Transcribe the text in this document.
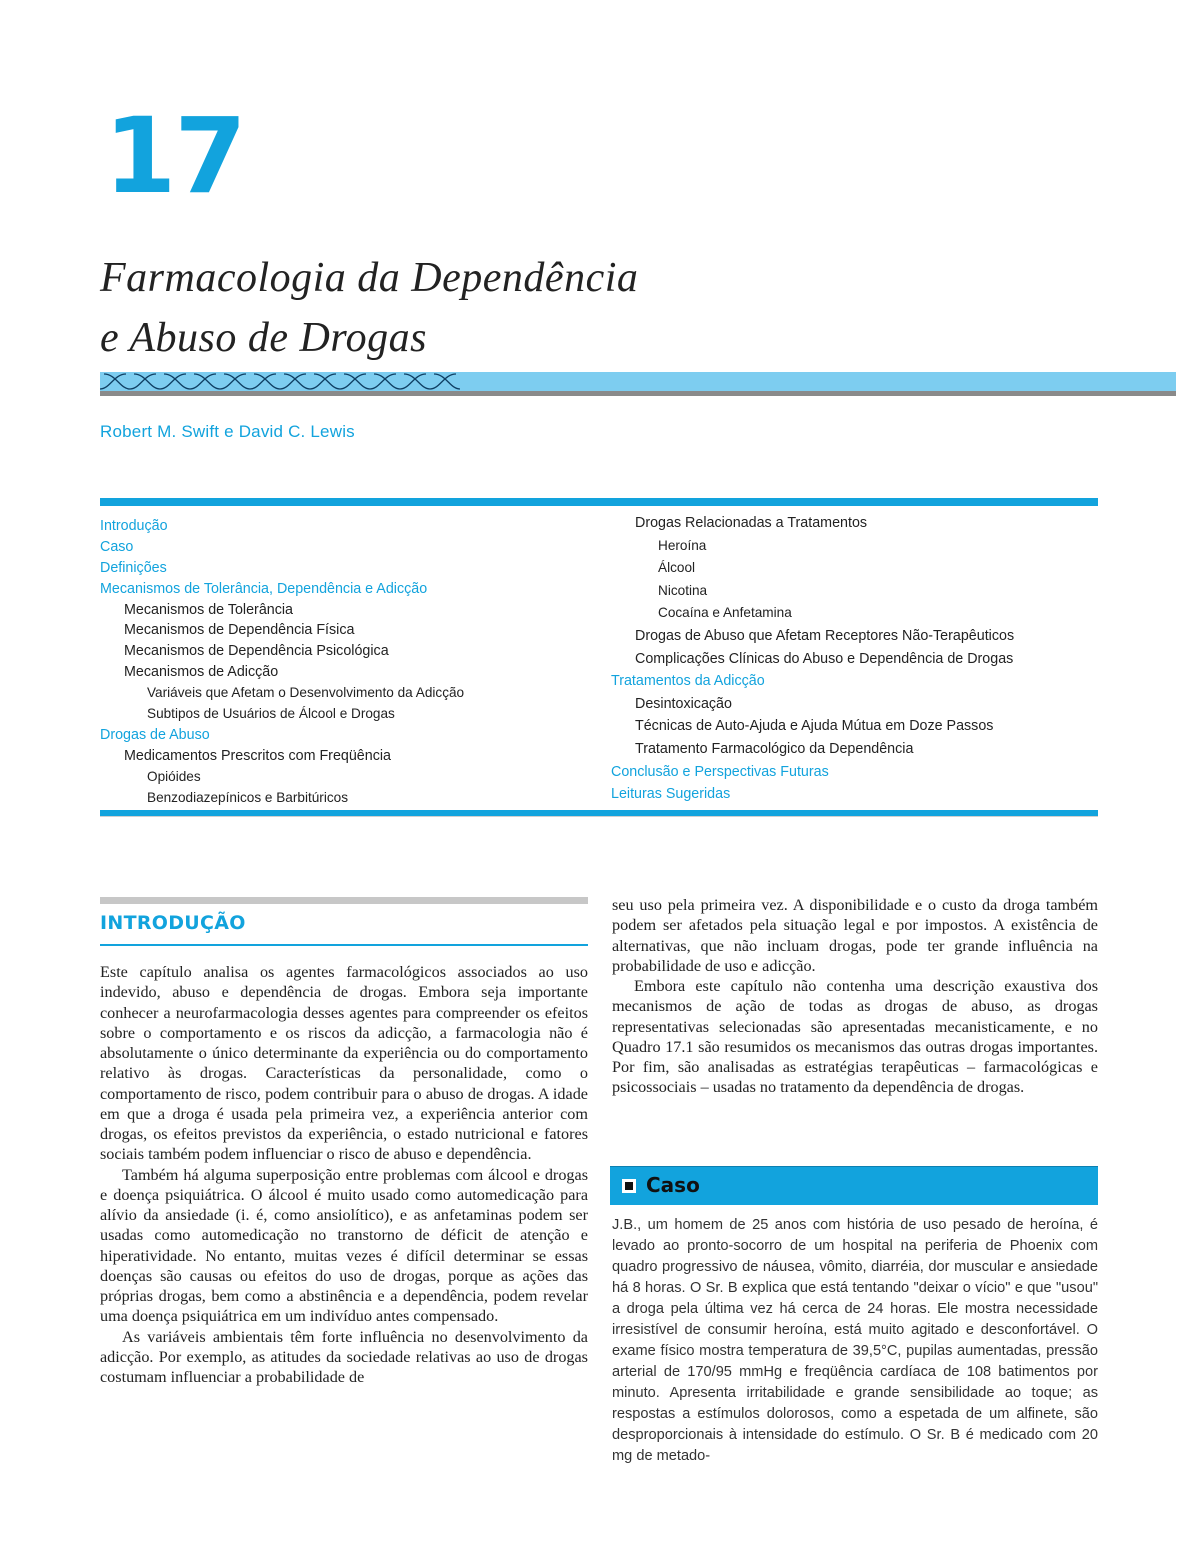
17
Farmacologia da Dependência
e Abuso de Drogas
Robert M. Swift e David C. Lewis
Introdução
Caso
Definições
Mecanismos de Tolerância, Dependência e Adicção
Mecanismos de Tolerância
Mecanismos de Dependência Física
Mecanismos de Dependência Psicológica
Mecanismos de Adicção
Variáveis que Afetam o Desenvolvimento da Adicção
Subtipos de Usuários de Álcool e Drogas
Drogas de Abuso
Medicamentos Prescritos com Freqüência
Opióides
Benzodiazepínicos e Barbitúricos
Drogas Relacionadas a Tratamentos
Heroína
Álcool
Nicotina
Cocaína e Anfetamina
Drogas de Abuso que Afetam Receptores Não-Terapêuticos
Complicações Clínicas do Abuso e Dependência de Drogas
Tratamentos da Adicção
Desintoxicação
Técnicas de Auto-Ajuda e Ajuda Mútua em Doze Passos
Tratamento Farmacológico da Dependência
Conclusão e Perspectivas Futuras
Leituras Sugeridas
INTRODUÇÃO

Este capítulo analisa os agentes farmacológicos associados ao uso indevido, abuso e dependência de drogas. Embora seja importante conhecer a neurofarmacologia desses agentes para compreender os efeitos sobre o comportamento e os riscos da adicção, a farmacologia não é absolutamente o único determinante da experiência ou do comportamento relativo às drogas. Características da personalidade, como o comportamento de risco, podem contribuir para o abuso de drogas. A idade em que a droga é usada pela primeira vez, a experiência anterior com drogas, os efeitos previstos da experiência, o estado nutricional e fatores sociais também podem influenciar o risco de abuso e dependência.

Também há alguma superposição entre problemas com álcool e drogas e doença psiquiátrica. O álcool é muito usado como automedicação para alívio da ansiedade (i. é, como ansiolítico), e as anfetaminas podem ser usadas como automedicação no transtorno de déficit de atenção e hiperatividade. No entanto, muitas vezes é difícil determinar se essas doenças são causas ou efeitos do uso de drogas, porque as ações das próprias drogas, bem como a abstinência e a dependência, podem revelar uma doença psiquiátrica em um indivíduo antes compensado.

As variáveis ambientais têm forte influência no desenvolvimento da adicção. Por exemplo, as atitudes da sociedade relativas ao uso de drogas costumam influenciar a probabilidade de

seu uso pela primeira vez. A disponibilidade e o custo da droga também podem ser afetados pela situação legal e por impostos. A existência de alternativas, que não incluam drogas, pode ter grande influência na probabilidade de uso e adicção.

Embora este capítulo não contenha uma descrição exaustiva dos mecanismos de ação de todas as drogas de abuso, as drogas representativas selecionadas são apresentadas mecanisticamente, e no Quadro 17.1 são resumidos os mecanismos das outras drogas importantes. Por fim, são analisadas as estratégias terapêuticas – farmacológicas e psicossociais – usadas no tratamento da dependência de drogas.

Caso

J.B., um homem de 25 anos com história de uso pesado de heroína, é levado ao pronto-socorro de um hospital na periferia de Phoenix com quadro progressivo de náusea, vômito, diarréia, dor muscular e ansiedade há 8 horas. O Sr. B explica que está tentando "deixar o vício" e que "usou" a droga pela última vez há cerca de 24 horas. Ele mostra necessidade irresistível de consumir heroína, está muito agitado e desconfortável. O exame físico mostra temperatura de 39,5°C, pupilas aumentadas, pressão arterial de 170/95 mmHg e freqüência cardíaca de 108 batimentos por minuto. Apresenta irritabilidade e grande sensibilidade ao toque; as respostas a estímulos dolorosos, como a espetada de um alfinete, são desproporcionais à intensidade do estímulo. O Sr. B é medicado com 20 mg de metado-
